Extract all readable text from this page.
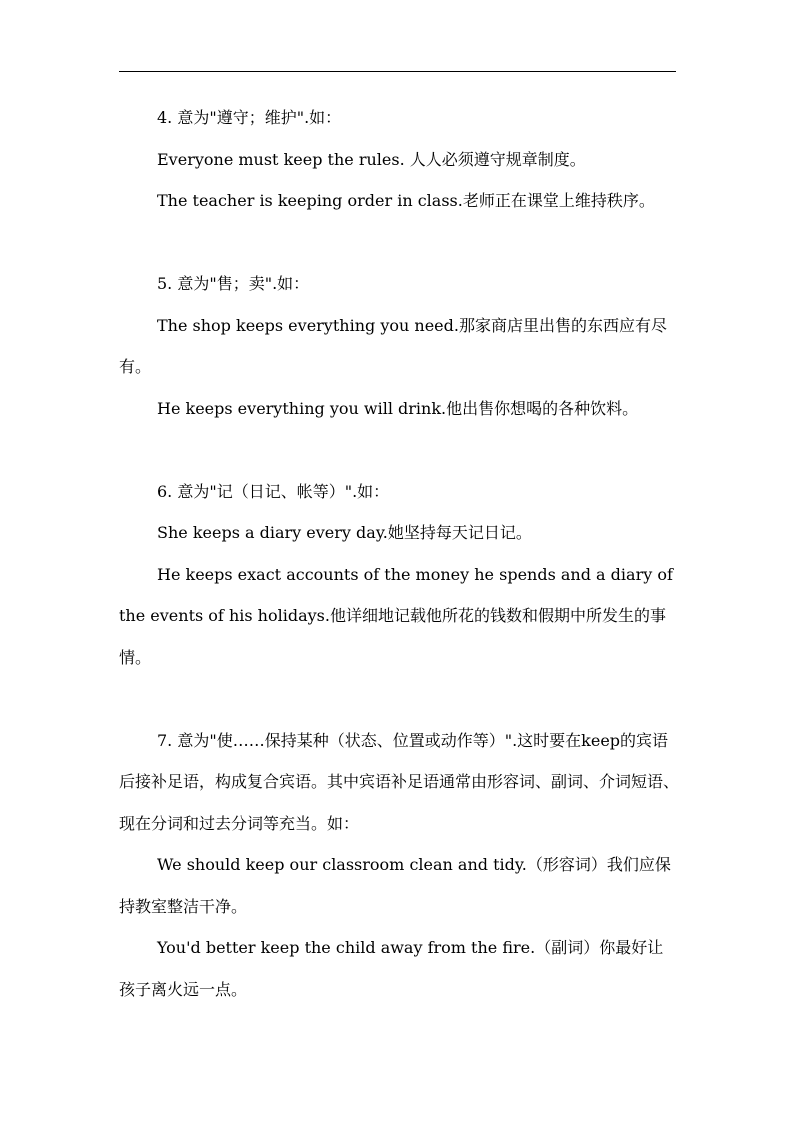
4. 意为"遵守；维护".如：

Everyone must keep the rules. 人人必须遵守规章制度。

The teacher is keeping order in class.老师正在课堂上维持秩序。

5. 意为"售；卖".如：

The shop keeps everything you need.那家商店里出售的东西应有尽有。

He keeps everything you will drink.他出售你想喝的各种饮料。

6. 意为"记（日记、帐等）".如：

She keeps a diary every day.她坚持每天记日记。

He keeps exact accounts of the money he spends and a diary of the events of his holidays.他详细地记载他所花的钱数和假期中所发生的事情。

7. 意为"使……保持某种（状态、位置或动作等）".这时要在keep的宾语后接补足语，构成复合宾语。其中宾语补足语通常由形容词、副词、介词短语、现在分词和过去分词等充当。如：

We should keep our classroom clean and tidy.（形容词）我们应保持教室整洁干净。

You'd better keep the child away from the fire.（副词）你最好让孩子离火远一点。
